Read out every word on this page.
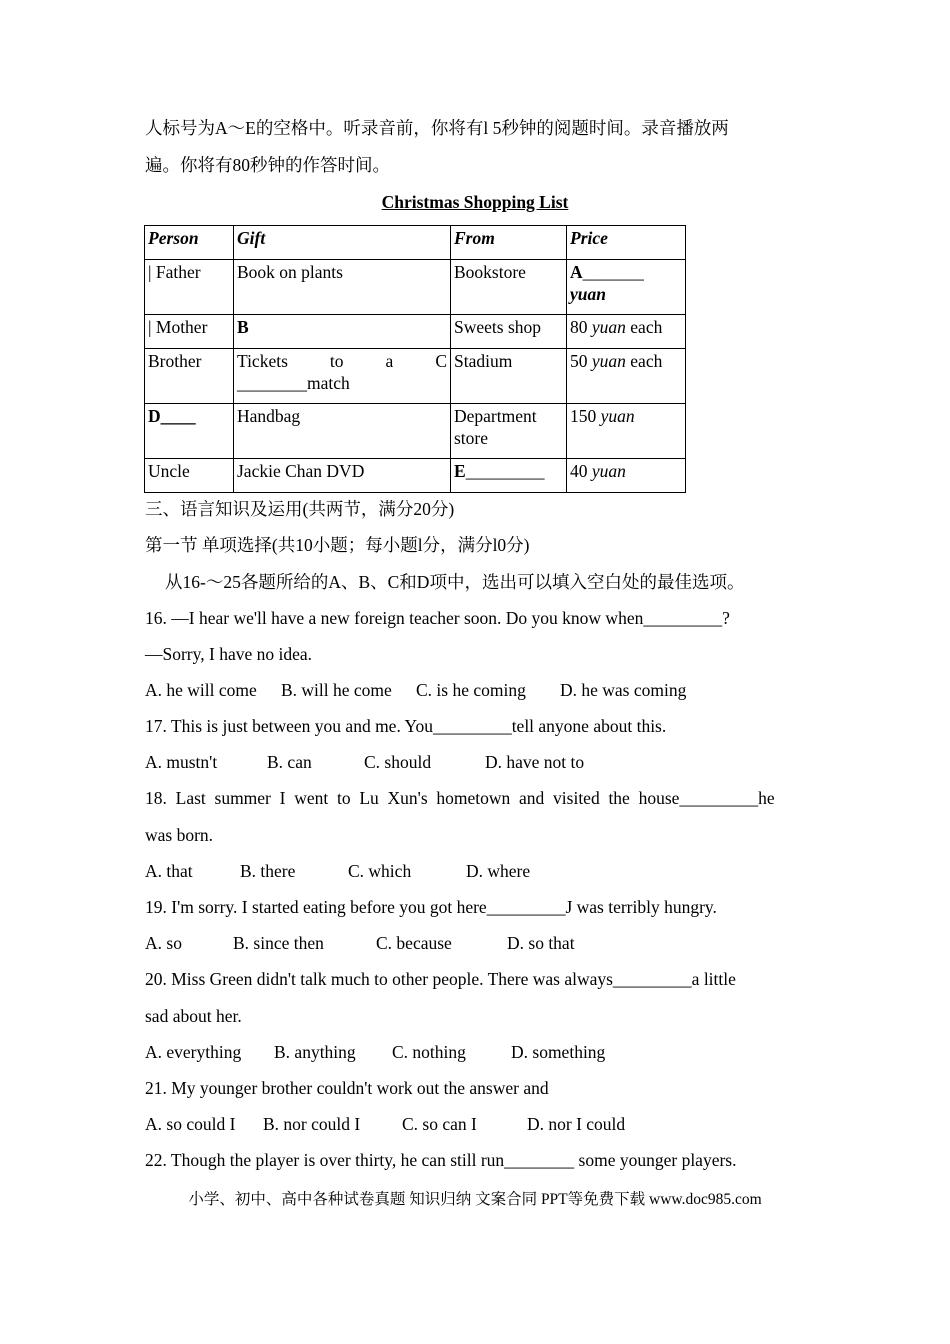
人标号为A～E的空格中。听录音前，你将有l 5秒钟的阅题时间。录音播放两
遍。你将有80秒钟的作答时间。
Christmas Shopping List
Person	Gift	From	Price
| Father	Book on plants	Bookstore	A_______
yuan
| Mother	B	Sweets shop	80 yuan each
Brother	Tickets to a C
________match	Stadium	50 yuan each
D____	Handbag	Department
store	150 yuan
Uncle	Jackie Chan DVD	E_________	40 yuan
三、语言知识及运用(共两节，满分20分)
第一节 单项选择(共10小题；每小题l分，满分l0分)
从16-～25各题所给的A、B、C和D项中，选出可以填入空白处的最佳选项。
16. —I hear we'll have a new foreign teacher soon. Do you know when_________?
—Sorry, I have no idea.
A. he will come B. will he come C. is he coming D. he was coming
17. This is just between you and me. You_________tell anyone about this.
A. mustn't	B. can	C. should	D. have not to
18.  Last  summer  I  went  to  Lu  Xun's  hometown  and  visited  the  house_________he
was born.
A. that	B. there	C. which	D. where
19. I'm sorry. I started eating before you got here_________J was terribly hungry.
A. so	B. since then	C. because	D. so that
20. Miss Green didn't talk much to other people. There was always_________a little
sad about her.
A. everything B. anything C. nothing	D. something
21. My younger brother couldn't work out the answer and
A. so could I B. nor could I C. so can I	D. nor I could
22. Though the player is over thirty, he can still run________ some younger players.
小学、初中、高中各种试卷真题 知识归纳 文案合同 PPT等免费下载 www.doc985.com
